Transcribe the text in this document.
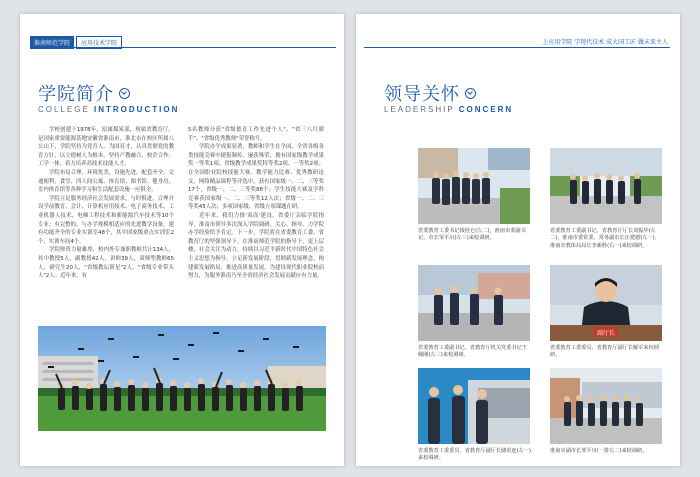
淮南师范学院	应用技术学院
学院简介
COLLEGE INTRODUCTION

学校创建于1978年，原属煤炭部，现属省教育厅，是国家重要能源基地安徽省淮南市、淮北市在校区所属八公山下，学院坚持为党育人、为国育才，认真贯彻党的教育方针，以立德树人为根本，坚持产教融合、校企合作、工学一体，着力培养高技术技能人才。

学院布局合理、环境优美，设施先进，配套齐全，交通便利，食堂、四人间公寓、体育馆、图书馆、健身房、室内体育馆等各种学习和生活配套设施一应俱全。

学院立足服务经济社会发展需求，与时俱进，合理开设学前教育、会计、计算机应用技术、电子商务技术、工业机器人技术、电梯工程技术和新能源汽车技术等10个专业；有完整的、与办学规模相适应的先进教学设备，建有功能齐全的专业实训室48个，其中国家级重点实训室2个、实训车间4个。

学院师资力量雄厚，校内外专兼职教师共计134人，其中教授5人，副教授42人，讲师39人，双师型教师65人，研究生20人，"省级教坛新星"2人，"省级专业带头人"2人；近年来，有

5名教师分获"省级德育工作先进个人"、"省三八红旗手"、"省级优秀教师"荣誉称号。

学院办学成果显著，教师和学生在全国、全省各级各类技能竞赛中捷报频传，屡获殊荣，拥有国家级教学成果奖一等奖1项、省级教学成果奖特等奖2项、一等奖2项；在全国职业院校技能大赛、教学能力比赛、优秀教研论文、网络精品课程等评选中，获有国家级一、二、三等奖17个，省级一、二、三等奖88个；学生技能大赛及学科竞赛获国家级一、二、三等奖12人次；省级一、二、三等奖45人次；多项国家级、省级立项课题在研。

近年来，我们力推'双高'建设，省委厅亲临学院指导，淮南市领导多次深入学院调研、关心、指导、力学院办学经验给予肯定。下一步，学院将在省委教育工委、省教育厅的坚强领导下，在淮南师范学院的指导下，更上层楼，社会关注为动力，持续以习近平新时代中国特色社会主义思想为指导，立足新发展阶段，贯彻新发展理念，构建新发展格局，推进高质量发展，为建设现代职业院校而努力，为服务淮南乃至全省经济社会发展贡献应有力量。

上应用学院 学现代技术 成大国工匠 做未来主人
领导关怀
LEADERSHIP CONCERN
省委教育工委书记钱桂仑(左二)，淮南市委副书记、市长邹平川(左三)来校调研。
省委教育工委副书记、省教育厅厅长刘振华(左二)，淮南市委常委、常务副市长汪建德(左一)、淮南市教体局局长李新胜(右一)来校调研。
省委教育工委副书记、省教育厅机关党委书记王佩刚(左三)来校调研。
副厅长
省委教育工委委员、省教育厅副厅长解军来校调研。
省委教育工委委员、省教育厅副厅长储常连(左一)来校调研。
淮南市副市长邹平川(一排左二)来校调研。
